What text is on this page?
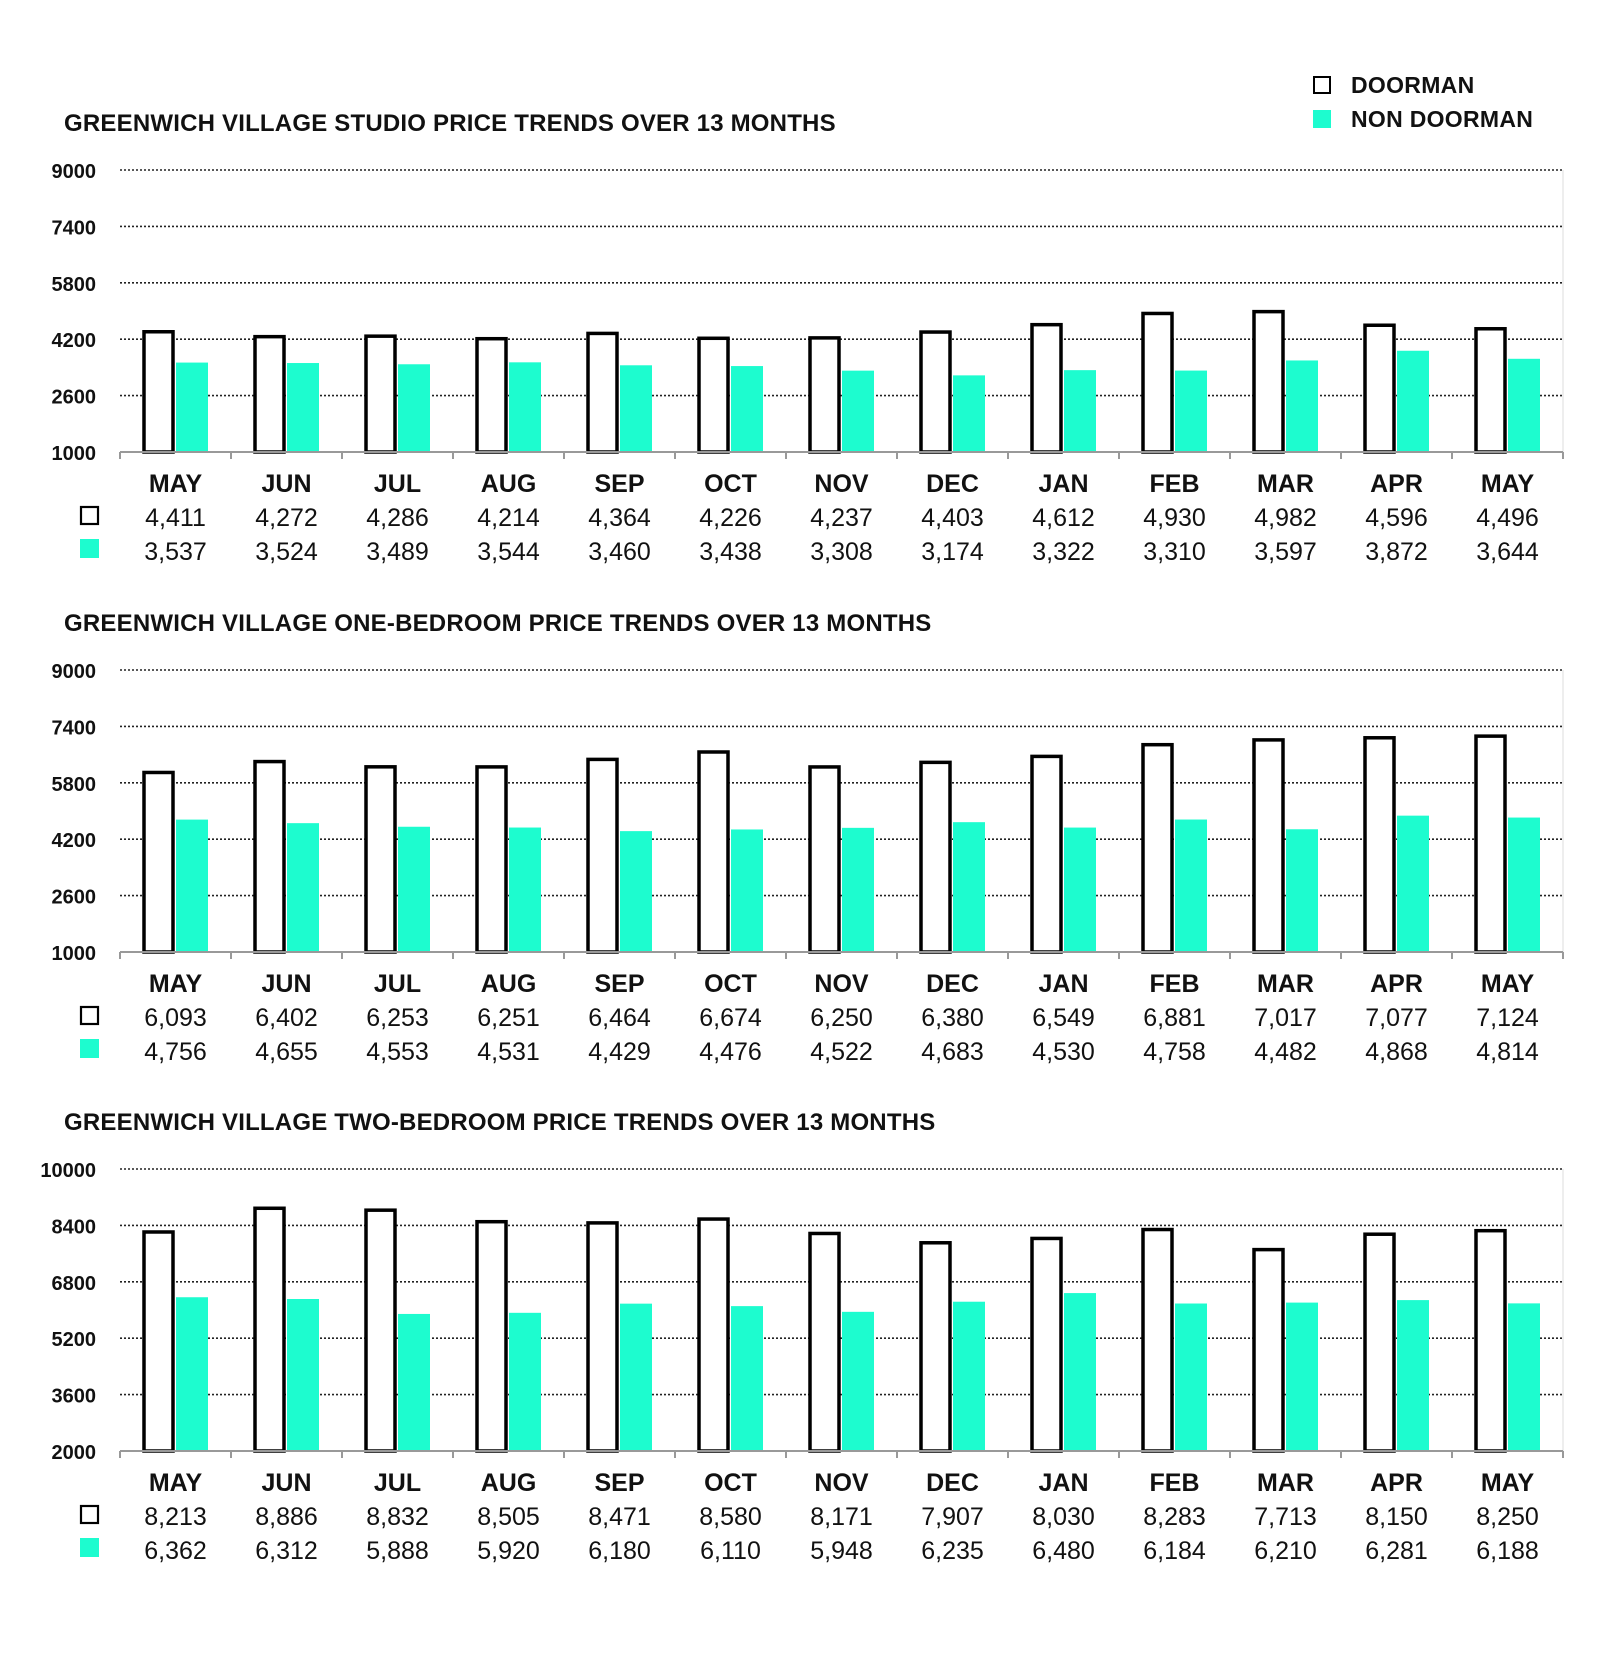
DOORMAN
NON DOORMAN
GREENWICH VILLAGE STUDIO PRICE TRENDS OVER 13 MONTHS
1000
2600
4200
5800
7400
9000
MAY
4,411
3,537
JUN
4,272
3,524
JUL
4,286
3,489
AUG
4,214
3,544
SEP
4,364
3,460
OCT
4,226
3,438
NOV
4,237
3,308
DEC
4,403
3,174
JAN
4,612
3,322
FEB
4,930
3,310
MAR
4,982
3,597
APR
4,596
3,872
MAY
4,496
3,644
GREENWICH VILLAGE ONE-BEDROOM PRICE TRENDS OVER 13 MONTHS
1000
2600
4200
5800
7400
9000
MAY
6,093
4,756
JUN
6,402
4,655
JUL
6,253
4,553
AUG
6,251
4,531
SEP
6,464
4,429
OCT
6,674
4,476
NOV
6,250
4,522
DEC
6,380
4,683
JAN
6,549
4,530
FEB
6,881
4,758
MAR
7,017
4,482
APR
7,077
4,868
MAY
7,124
4,814
GREENWICH VILLAGE TWO-BEDROOM PRICE TRENDS OVER 13 MONTHS
2000
3600
5200
6800
8400
10000
MAY
8,213
6,362
JUN
8,886
6,312
JUL
8,832
5,888
AUG
8,505
5,920
SEP
8,471
6,180
OCT
8,580
6,110
NOV
8,171
5,948
DEC
7,907
6,235
JAN
8,030
6,480
FEB
8,283
6,184
MAR
7,713
6,210
APR
8,150
6,281
MAY
8,250
6,188
